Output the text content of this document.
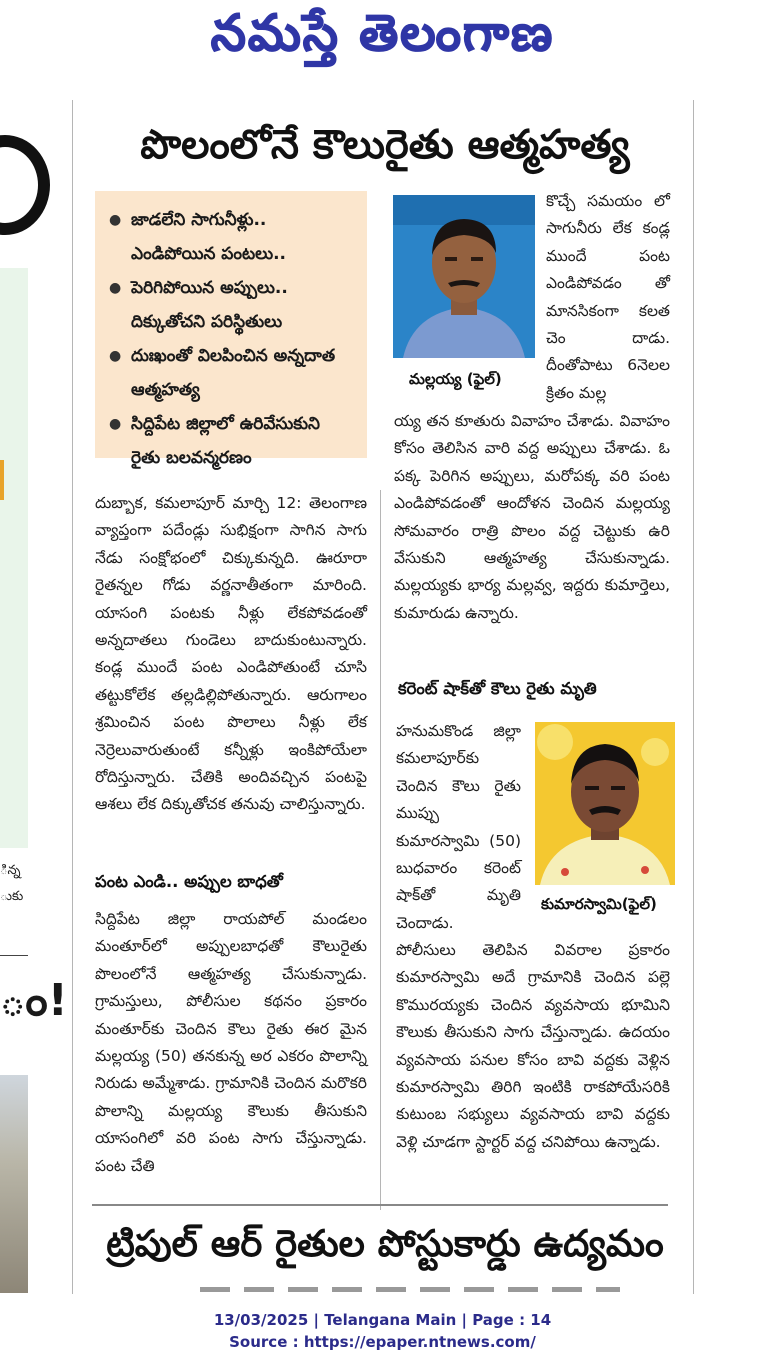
నమస్తే తెలంగాణ
ిన్న
ుకు
ం!
పొలంలోనే కౌలురైతు ఆత్మహత్య
● జాడలేని సాగునీళ్లు.. ఎండిపోయిన పంటలు..
● పెరిగిపోయిన అప్పులు.. దిక్కుతోచని పరిస్థితులు
● దుఃఖంతో విలపించిన అన్నదాత ఆత్మహత్య
● సిద్దిపేట జిల్లాలో ఉరివేసుకుని రైతు బలవన్మరణం
మల్లయ్య (ఫైల్‌)
కొచ్చే సమయం లో సాగునీరు లేక కండ్ల ముందే పంట ఎండిపోవడం తో మానసికంగా కలత చెం దాడు. దీంతోపాటు 6నెలల క్రితం మల్ల
య్య తన కూతురు వివాహం చేశాడు. వివాహం కోసం తెలిసిన వారి వద్ద అప్పులు చేశాడు. ఓ పక్క పెరిగిన అప్పులు, మరోపక్క వరి పంట ఎండిపోవడంతో ఆందోళన చెందిన మల్లయ్య సోమవారం రాత్రి పొలం వద్ద చెట్టుకు ఉరి వేసుకుని ఆత్మహత్య చేసుకున్నాడు. మల్లయ్యకు భార్య మల్లవ్వ, ఇద్దరు కుమార్తెలు, కుమారుడు ఉన్నారు.
దుబ్బాక, కమలాపూర్‌ మార్చి 12: తెలంగాణ వ్యాప్తంగా పదేండ్లు సుభిక్షంగా సాగిన సాగు నేడు సంక్షోభంలో చిక్కుకున్నది. ఊరూరా రైతన్నల గోడు వర్ణనాతీతంగా మారింది. యాసంగి పంటకు నీళ్లు లేకపోవడంతో అన్నదాతలు గుండెలు బాదుకుంటున్నారు. కండ్ల ముందే పంట ఎండిపోతుంటే చూసి తట్టుకోలేక తల్లడిల్లిపోతున్నారు. ఆరుగాలం శ్రమించిన పంట పొలాలు నీళ్లు లేక నెర్రెలువారుతుంటే కన్నీళ్లు ఇంకిపోయేలా రోదిస్తున్నారు. చేతికి అందివచ్చిన పంటపై ఆశలు లేక దిక్కుతోచక తనువు చాలిస్తున్నారు.
పంట ఎండి.. అప్పుల బాధతో
సిద్దిపేట జిల్లా రాయపోల్‌ మండలం మంతూర్‌లో అప్పులబాధతో కౌలురైతు పొలంలోనే ఆత్మహత్య చేసుకున్నాడు. గ్రామస్తులు, పోలీసుల కథనం ప్రకారం మంతూర్‌కు చెందిన కౌలు రైతు ఈర మైన మల్లయ్య (50) తనకున్న అర ఎకరం పొలాన్ని నిరుడు అమ్మేశాడు. గ్రామానికి చెందిన మరొకరి పొలాన్ని మల్లయ్య కౌలుకు తీసుకుని యాసంగిలో వరి పంట సాగు చేస్తున్నాడు. పంట చేతి
కరెంట్‌ షాక్‌తో కౌలు రైతు మృతి
హనుమకొండ జిల్లా కమలాపూర్‌కు చెందిన కౌలు రైతు ముప్పు కుమారస్వామి (50) బుధవారం కరెంట్‌ షాక్‌తో మృతి చెందాడు.
కుమారస్వామి(ఫైల్‌)
పోలీసులు తెలిపిన వివరాల ప్రకారం కుమారస్వామి అదే గ్రామానికి చెందిన పల్లె కొమురయ్యకు చెందిన వ్యవసాయ భూమిని కౌలుకు తీసుకుని సాగు చేస్తున్నాడు. ఉదయం వ్యవసాయ పనుల కోసం బావి వద్దకు వెళ్లిన కుమారస్వామి తిరిగి ఇంటికి రాకపోయేసరికి కుటుంబ సభ్యులు వ్యవసాయ బావి వద్దకు వెళ్లి చూడగా స్టార్టర్‌ వద్ద చనిపోయి ఉన్నాడు.
ట్రిపుల్‌ ఆర్‌ రైతుల పోస్టుకార్డు ఉద్యమం
13/03/2025 | Telangana Main | Page : 14
Source : https://epaper.ntnews.com/
